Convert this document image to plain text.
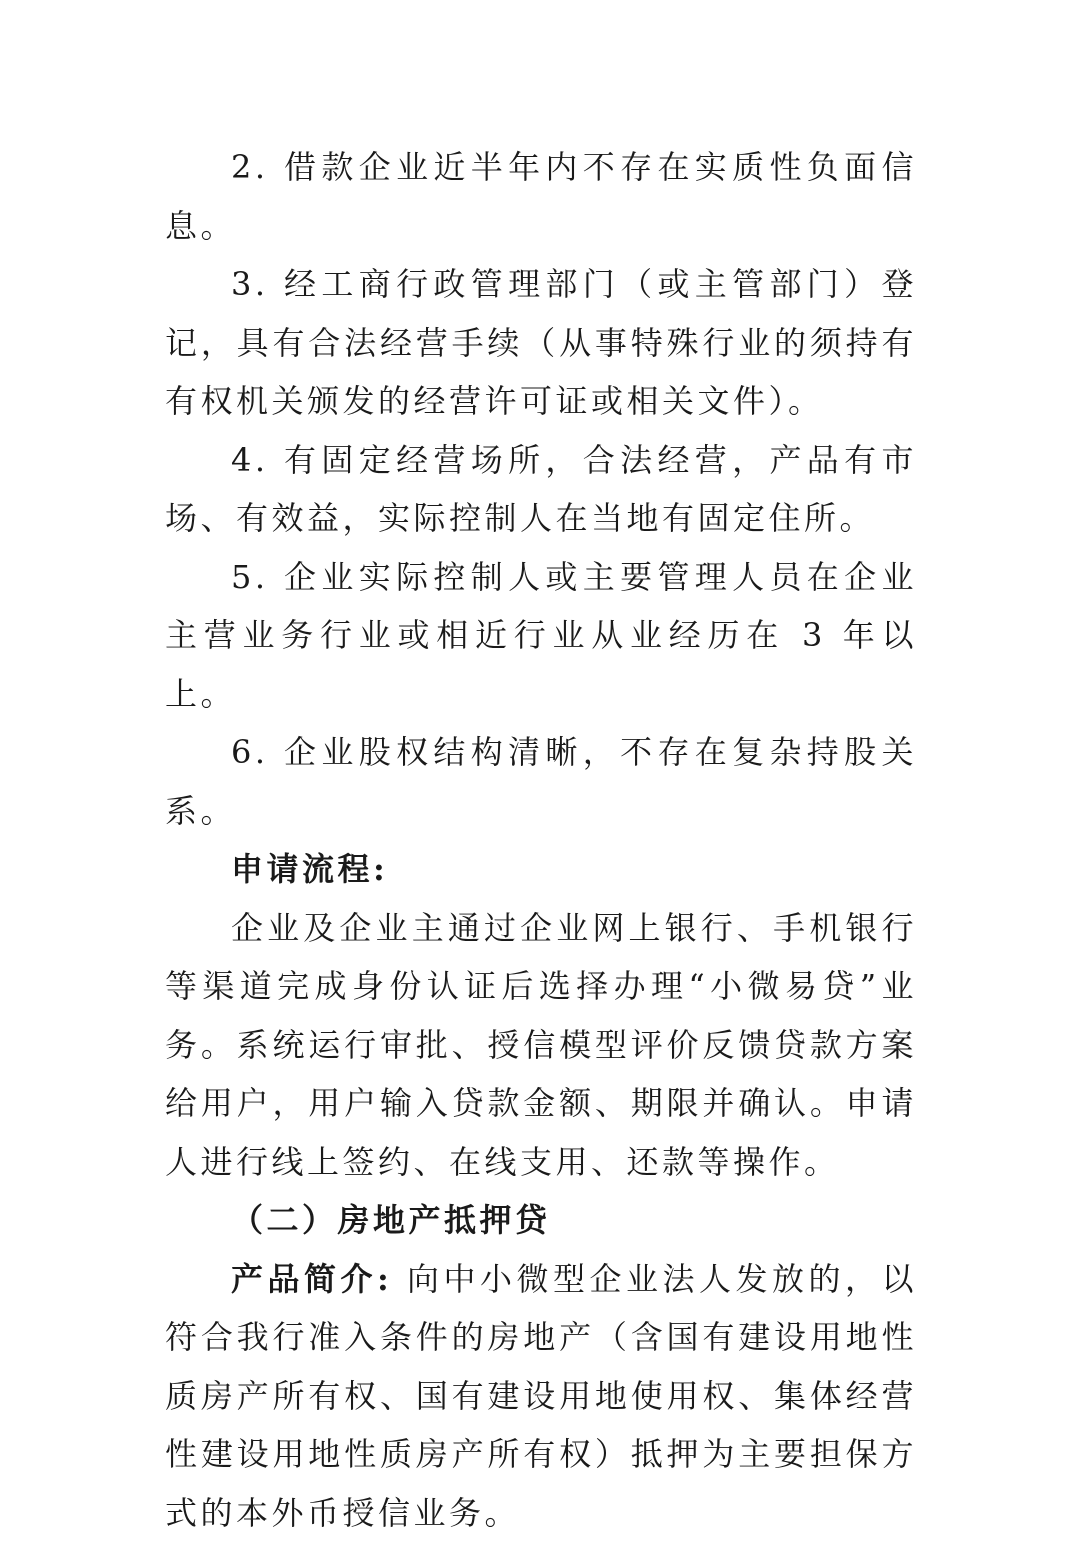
2. 借款企业近半年内不存在实质性负面信息。

3. 经工商行政管理部门（或主管部门）登记，具有合法经营手续（从事特殊行业的须持有有权机关颁发的经营许可证或相关文件）。

4. 有固定经营场所，合法经营，产品有市场、有效益，实际控制人在当地有固定住所。

5. 企业实际控制人或主要管理人员在企业主营业务行业或相近行业从业经历在 3 年以上。

6. 企业股权结构清晰，不存在复杂持股关系。

申请流程:

企业及企业主通过企业网上银行、手机银行等渠道完成身份认证后选择办理“小微易贷”业务。系统运行审批、授信模型评价反馈贷款方案给用户，用户输入贷款金额、期限并确认。申请人进行线上签约、在线支用、还款等操作。

（二）房地产抵押贷

产品简介: 向中小微型企业法人发放的，以符合我行准入条件的房地产（含国有建设用地性质房产所有权、国有建设用地使用权、集体经营性建设用地性质房产所有权）抵押为主要担保方式的本外币授信业务。
